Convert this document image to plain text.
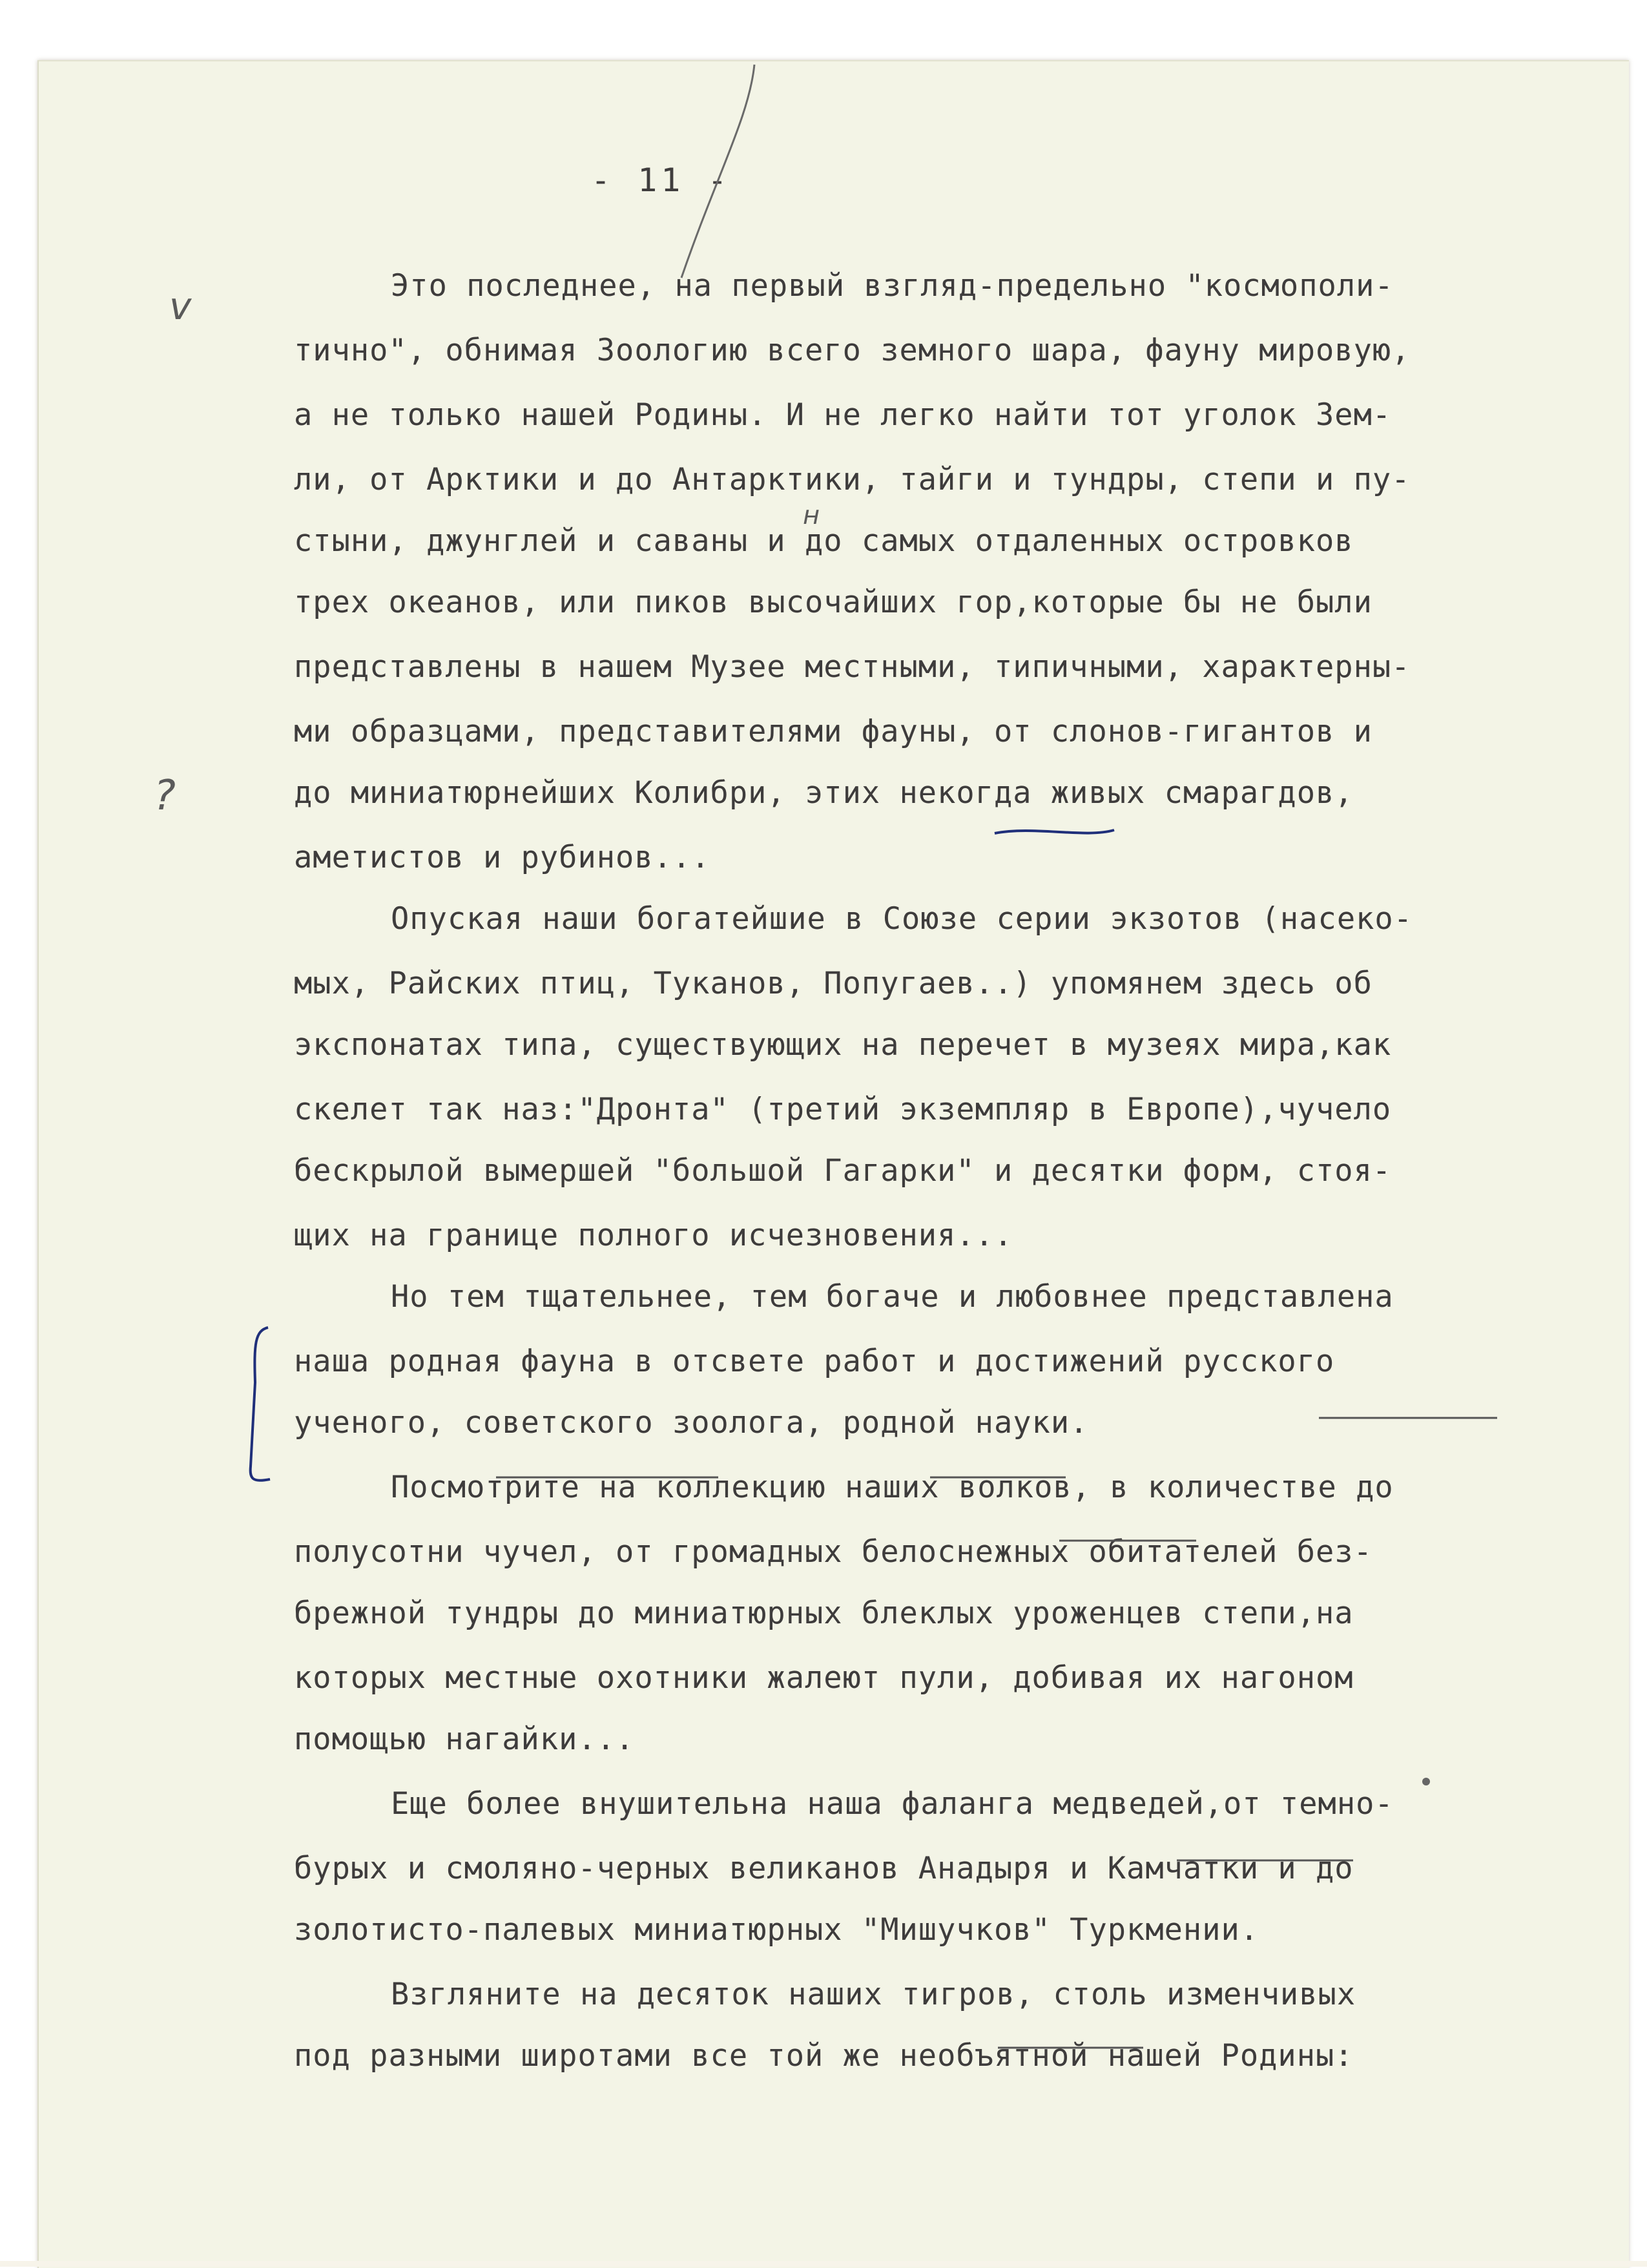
- 11 -
Это последнее, на первый взгляд-предельно "космополи-
тично", обнимая Зоологию всего земного шара, фауну мировую,
а не только нашей Родины. И не легко найти тот уголок Зем-
ли, от Арктики и до Антарктики, тайги и тундры, степи и пу-
стыни, джунглей и саваны и до самых отдаленных островков
трех океанов, или пиков высочайших гор,которые бы не были
представлены в нашем Музее местными, типичными, характерны-
ми образцами, представителями фауны, от слонов-гигантов и
до миниатюрнейших Колибри, этих некогда живых смарагдов,
аметистов и рубинов...
Опуская наши богатейшие в Союзе серии экзотов (насеко-
мых, Райских птиц, Туканов, Попугаев..) упомянем здесь об
экспонатах типа, существующих на перечет в музеях мира,как
скелет так наз:"Дронта" (третий экземпляр в Европе),чучело
бескрылой вымершей "большой Гагарки" и десятки форм, стоя-
щих на границе полного исчезновения...
Но тем тщательнее, тем богаче и любовнее представлена
наша родная фауна в отсвете работ и достижений русского
ученого, советского зоолога, родной науки.
Посмотрите на коллекцию наших волков, в количестве до
полусотни чучел, от громадных белоснежных обитателей без-
брежной тундры до миниатюрных блеклых уроженцев степи,на
которых местные охотники жалеют пули, добивая их нагоном
помощью нагайки...
Еще более внушительна наша фаланга медведей,от темно-
бурых и смоляно-черных великанов Анадыря и Камчатки и до
золотисто-палевых миниатюрных "Мишучков" Туркмении.
Взгляните на десяток наших тигров, столь изменчивых
под разными широтами все той же необъятной нашей Родины:
v
?
н
